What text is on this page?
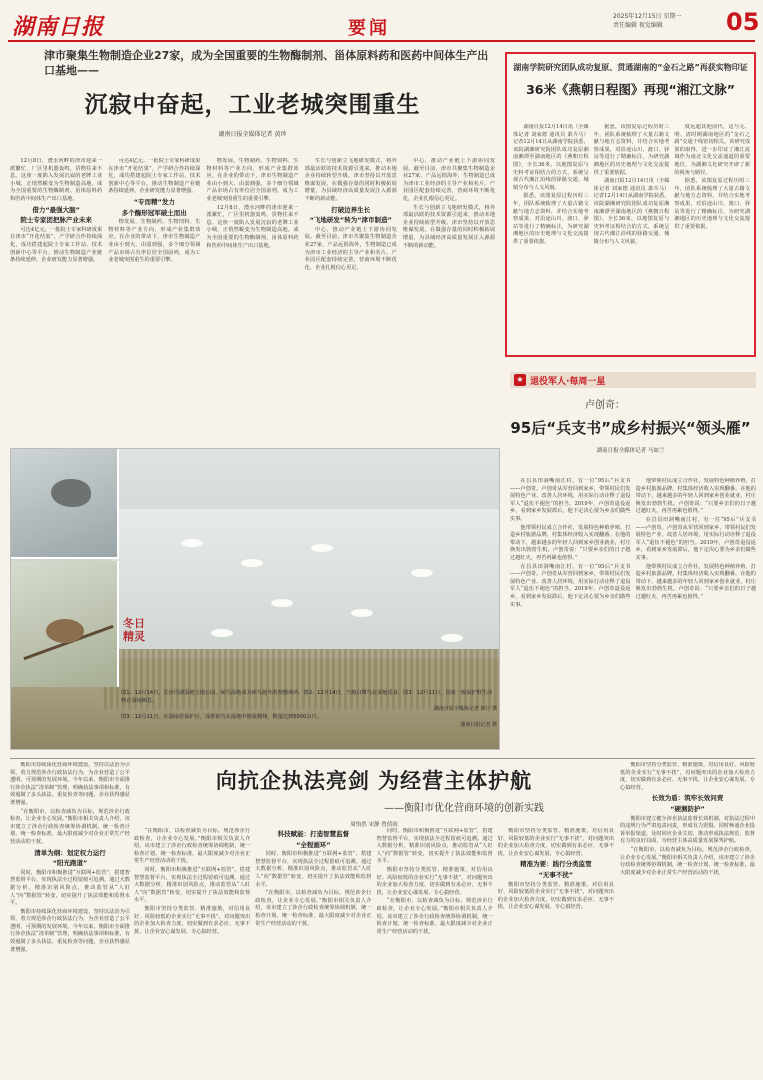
湖南日报	要闻
2025年12月15日 星期一
责任编辑 视觉编辑	05
津市聚集生物制造企业27家，成为全国重要的生物酶制剂、甾体原料药和医药中间体生产出口基地——
沉寂中奋起，工业老城突围重生
湖南日报全媒体记者 黄珍

12月8日，澧水河畔的津市迎来一派繁忙，厂区里机器轰鸣，货物往来不息。这座一度陷入发展沉寂的老牌工业小城，正悄然蜕变为生物制造高地，成为全国重要的生物酶制剂、甾体原料药和医药中间体生产出口基地。

借力“最强大脑”
院士专家团把脉产业未来

可达4亿元。一批院士专家科研成果在津市“开花结果”，产学研合作持续深化，成功搭建起院士专家工作站、技术创新中心等平台，推动生物制造产业链条持续延伸，企业研发能力显著增强。

可达4亿元。一批院士专家科研成果在津市“开花结果”，产学研合作持续深化，成功搭建起院士专家工作站、技术创新中心等平台，推动生物制造产业链条持续延伸，企业研发能力显著增强。

“专而精”发力
多个酶形冠军破土而出

物发展、生物制药、生物饲料、生物材料等产业方向，形成产业集群效应。在企业的带动下，津市生物制造产业由小到大、由弱到强，多个细分领域产品市场占有率位居全国前列，成为工业老城突围重生的重要引擎。

物发展、生物制药、生物饲料、生物材料等产业方向，形成产业集群效应。在企业的带动下，津市生物制造产业由小到大、由弱到强，多个细分领域产品市场占有率位居全国前列，成为工业老城突围重生的重要引擎。

12月8日，澧水河畔的津市迎来一派繁忙，厂区里机器轰鸣，货物往来不息。这座一度陷入发展沉寂的老牌工业小城，正悄然蜕变为生物制造高地，成为全国重要的生物酶制剂、甾体原料药和医药中间体生产出口基地。

生长与创新立飞地研发模式，将外部最活跃的技术资源引进来，推动本地企业持续转型升级。津市坚持以开放思维谋发展，在做强存量的同时积极拓展增量，为县域经济高质量发展注入源源不断的新动能。

打破边界生长
“飞地研发”转为“津市制造”

中心，推动产业链上下游协同发展。截至目前，津市共聚集生物制造企业27家，产品远销海外，生物制造已成为津市工业经济的主导产业和名片。产业园区配套持续完善，营商环境不断优化，企业扎根信心更足。

中心，推动产业链上下游协同发展。截至目前，津市共聚集生物制造企业27家，产品远销海外，生物制造已成为津市工业经济的主导产业和名片。产业园区配套持续完善，营商环境不断优化，企业扎根信心更足。

生长与创新立飞地研发模式，将外部最活跃的技术资源引进来，推动本地企业持续转型升级。津市坚持以开放思维谋发展，在做强存量的同时积极拓展增量，为县域经济高质量发展注入源源不断的新动能。

湖南学院研究团队成功复原、贯通湖南的“金石之路”再获实物印证
36米《燕朝日程图》再现“湘江文脉”

湖南日报12月14日讯（全媒体记者 刘家德 通讯员 萧卉马）记者12月14日从湖南学院获悉，该院湖湘研究院团队成功复原湘南湘潭至湖南地区的《燕朝日程图》，全长36米，以地图复原与史料考证相结合的方式，系统呈现古代湘江沿线的驿路交通、城镇分布与人文风貌。

据悉，该图复原过程历时三年，团队系统梳理了大量古籍文献与地方志资料，并结合实地考察成果，对沿途山川、渡口、驿站等进行了精确标注，为研究湖湘地区的历史地理与文化交流提供了重要依据。

据悉，该图复原过程历时三年，团队系统梳理了大量古籍文献与地方志资料，并结合实地考察成果，对沿途山川、渡口、驿站等进行了精确标注，为研究湖湘地区的历史地理与文化交流提供了重要依据。

湖南日报12月14日讯（全媒体记者 刘家德 通讯员 萧卉马）记者12月14日从湖南学院获悉，该院湖湘研究院团队成功复原湘南湘潭至湖南地区的《燕朝日程图》，全长36米，以地图复原与史料考证相结合的方式，系统呈现古代湘江沿线的驿路交通、城镇分布与人文风貌。

度远超其他前代，这与元、明、清时期湖南地区的“金石之路”交通干线密切相关。该研究成果的取得，进一步印证了湘江流域作为南北文化交流通道的重要地位，为湖湘文化研究开辟了新的视角与路径。

据悉，该图复原过程历时三年，团队系统梳理了大量古籍文献与地方志资料，并结合实地考察成果，对沿途山川、渡口、驿站等进行了精确标注，为研究湖湘地区的历史地理与文化交流提供了重要依据。

★ 退役军人·每周一星
卢创奇：
95后“兵支书”成乡村振兴“领头雁”
湖南日报全媒体记者 马如兰

在昌县田洞嘴南江村，有一位“95后”兵支书——卢创奇。卢创奇从军营回到家乡，带领村民们发展特色产业、改善人居环境，用实际行动诠释了退役军人“退伍不褪色”的担当。2019年，卢创奇退役返乡，看到家乡发展滞后，他下定决心要为乡亲们做些实事。

他带领村民成立合作社，发展特色种植养殖，打造乡村旅游品牌，村集体经济收入实现翻番。在他的带动下，越来越多的年轻人回到家乡创业就业，村庄焕发出勃勃生机。卢创奇说：“只要乡亲们的日子越过越红火，再苦再累也值得。”

在昌县田洞嘴南江村，有一位“95后”兵支书——卢创奇。卢创奇从军营回到家乡，带领村民们发展特色产业、改善人居环境，用实际行动诠释了退役军人“退伍不褪色”的担当。2019年，卢创奇退役返乡，看到家乡发展滞后，他下定决心要为乡亲们做些实事。

他带领村民成立合作社，发展特色种植养殖，打造乡村旅游品牌，村集体经济收入实现翻番。在他的带动下，越来越多的年轻人回到家乡创业就业，村庄焕发出勃勃生机。卢创奇说：“只要乡亲们的日子越过越红火，再苦再累也值得。”

在昌县田洞嘴南江村，有一位“95后”兵支书——卢创奇。卢创奇从军营回到家乡，带领村民们发展特色产业、改善人居环境，用实际行动诠释了退役军人“退伍不褪色”的担当。2019年，卢创奇退役返乡，看到家乡发展滞后，他下定决心要为乡亲们做些实事。

他带领村民成立合作社，发展特色种植养殖，打造乡村旅游品牌，村集体经济收入实现翻番。在他的带动下，越来越多的年轻人回到家乡创业就业，村庄焕发出勃勃生机。卢创奇说：“只要乡亲们的日子越过越红火，再苦再累也值得。”

冬日精灵
图1：12月14日，长沙洋湖湿地宝地公园，候鸟湿地成为候鸟越冬的理想场所。图2：12月14日，当地白鹭鸟在湿地觅食。图3：12月11日，国家一级保护野生动物在湿地栖息。
湖南日报全媒体记者 徐行 摄
图3：12月11日，在湖南省保护区，成群候鸟在湿地中嬉戏翱翔，数量达到5000余只。
湖南日报记者 摄

衡阳市持续深化营商环境建设，坚持以法治为引领，着力规范涉企行政执法行为，为企业营造了公平透明、可预期的发展环境。今年以来，衡阳市全面推行涉企执法“清单制”管理，明确执法事项和标准，有效遏制了多头执法、重复检查等问题，企业获得感显著增强。

“在衡阳市，以检查减负为目标，规范涉企行政检查，让企业专心发展。”衡阳市相关负责人介绍，该市建立了涉企行政检查统筹协调机制，统一检查计划、统一检查标准，最大限度减少对企业正常生产经营活动的干扰。

清单为纲：划定权力运行
“阳光跑道”

同时，衡阳市积极推进“互联网+监管”，搭建智慧监督平台，实现执法全过程留痕可追溯。通过大数据分析，精准识别风险点，推动监管从“人盯人”向“数据管”转变，切实提升了执法效能和监督水平。

衡阳市持续深化营商环境建设，坚持以法治为引领，着力规范涉企行政执法行为，为企业营造了公平透明、可预期的发展环境。今年以来，衡阳市全面推行涉企执法“清单制”管理，明确执法事项和标准，有效遏制了多头执法、重复检查等问题，企业获得感显著增强。

向抗企执法亮剑 为经营主体护航
——衡阳市优化营商环境的创新实践
周怡然 宋静 曾倩雨

“在衡阳市，以检查减负为目标，规范涉企行政检查，让企业专心发展。”衡阳市相关负责人介绍，该市建立了涉企行政检查统筹协调机制，统一检查计划、统一检查标准，最大限度减少对企业正常生产经营活动的干扰。

同时，衡阳市积极推进“互联网+监管”，搭建智慧监督平台，实现执法全过程留痕可追溯。通过大数据分析，精准识别风险点，推动监管从“人盯人”向“数据管”转变，切实提升了执法效能和监督水平。

衡阳市坚持分类监管、精准施策，对信用良好、风险较低的企业实行“无事不扰”，对问题突出的企业加大检查力度，切实做到有求必应、无事不扰，让企业安心谋发展、专心搞经营。

科技赋能：打造智慧监督
“全程画环”

同时，衡阳市积极推进“互联网+监管”，搭建智慧监督平台，实现执法全过程留痕可追溯。通过大数据分析，精准识别风险点，推动监管从“人盯人”向“数据管”转变，切实提升了执法效能和监督水平。

“在衡阳市，以检查减负为目标，规范涉企行政检查，让企业专心发展。”衡阳市相关负责人介绍，该市建立了涉企行政检查统筹协调机制，统一检查计划、统一检查标准，最大限度减少对企业正常生产经营活动的干扰。

同时，衡阳市积极推进“互联网+监管”，搭建智慧监督平台，实现执法全过程留痕可追溯。通过大数据分析，精准识别风险点，推动监管从“人盯人”向“数据管”转变，切实提升了执法效能和监督水平。

衡阳市坚持分类监管、精准施策，对信用良好、风险较低的企业实行“无事不扰”，对问题突出的企业加大检查力度，切实做到有求必应、无事不扰，让企业安心谋发展、专心搞经营。

“在衡阳市，以检查减负为目标，规范涉企行政检查，让企业专心发展。”衡阳市相关负责人介绍，该市建立了涉企行政检查统筹协调机制，统一检查计划、统一检查标准，最大限度减少对企业正常生产经营活动的干扰。

衡阳市坚持分类监管、精准施策，对信用良好、风险较低的企业实行“无事不扰”，对问题突出的企业加大检查力度，切实做到有求必应、无事不扰，让企业安心谋发展、专心搞经营。

精准为要：践行分类监管
“无事不扰”

衡阳市坚持分类监管、精准施策，对信用良好、风险较低的企业实行“无事不扰”，对问题突出的企业加大检查力度，切实做到有求必应、无事不扰，让企业安心谋发展、专心搞经营。

衡阳市坚持分类监管、精准施策，对信用良好、风险较低的企业实行“无事不扰”，对问题突出的企业加大检查力度，切实做到有求必应、无事不扰，让企业安心谋发展、专心搞经营。

长效为盾：筑牢长效问责
“硬测防护”

衡阳市建立健全涉企执法监督长效机制，对执法过程中的违规行为严肃追责问责，形成有力震慑。同时畅通企业投诉举报渠道，及时回应企业关切，推动形成执法规范、监督有力的良好局面，为经营主体高质量发展保驾护航。

“在衡阳市，以检查减负为目标，规范涉企行政检查，让企业专心发展。”衡阳市相关负责人介绍，该市建立了涉企行政检查统筹协调机制，统一检查计划、统一检查标准，最大限度减少对企业正常生产经营活动的干扰。
